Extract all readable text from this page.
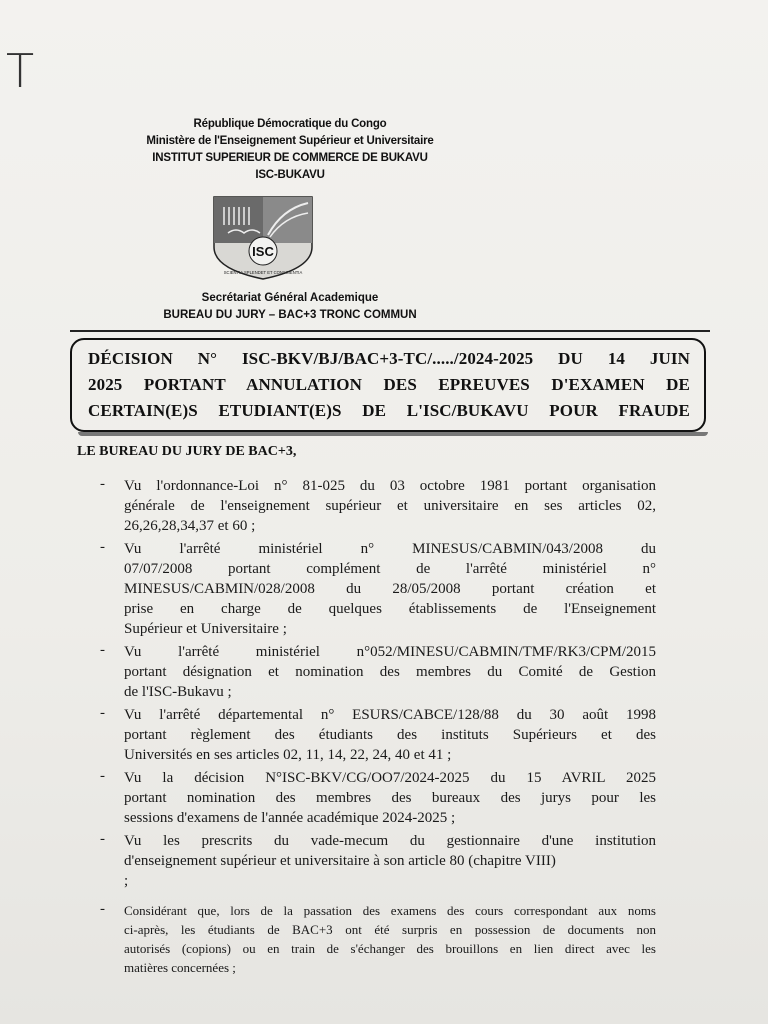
T
République Démocratique du Congo
Ministère de l'Enseignement Supérieur et Universitaire
INSTITUT SUPERIEUR DE COMMERCE DE BUKAVU
ISC-BUKAVU
ISC
SCIENTIA SPLENDET ET CONSCIENTIA
Secrétariat Général Academique
BUREAU DU JURY – BAC+3 TRONC COMMUN
DÉCISION N° ISC-BKV/BJ/BAC+3-TC/...../2024-2025 DU 14 JUIN
2025 PORTANT ANNULATION DES EPREUVES D'EXAMEN DE
CERTAIN(E)S ETUDIANT(E)S DE L'ISC/BUKAVU POUR FRAUDE
LE BUREAU DU JURY DE BAC+3,
- Vu l'ordonnance-Loi n° 81-025 du 03 octobre 1981 portant organisation
générale de l'enseignement supérieur et universitaire en ses articles 02,
26,26,28,34,37 et 60 ;
- Vu l'arrêté ministériel n° MINESUS/CABMIN/043/2008 du
07/07/2008 portant complément de l'arrêté ministériel n°
MINESUS/CABMIN/028/2008 du 28/05/2008 portant création et
prise en charge de quelques établissements de l'Enseignement
Supérieur et Universitaire ;
- Vu l'arrêté ministériel n°052/MINESU/CABMIN/TMF/RK3/CPM/2015
portant désignation et nomination des membres du Comité de Gestion
de l'ISC-Bukavu ;
- Vu l'arrêté départemental n° ESURS/CABCE/128/88 du 30 août 1998
portant règlement des étudiants des instituts Supérieurs et des
Universités en ses articles 02, 11, 14, 22, 24, 40 et 41 ;
- Vu la décision N°ISC-BKV/CG/OO7/2024-2025 du 15 AVRIL 2025
portant nomination des membres des bureaux des jurys pour les
sessions d'examens de l'année académique 2024-2025 ;
- Vu les prescrits du vade-mecum du gestionnaire d'une institution
d'enseignement supérieur et universitaire à son article 80 (chapitre VIII)
;
- Considérant que, lors de la passation des examens des cours correspondant aux noms
ci-après, les étudiants de BAC+3 ont été surpris en possession de documents non
autorisés (copions) ou en train de s'échanger des brouillons en lien direct avec les
matières concernées ;
